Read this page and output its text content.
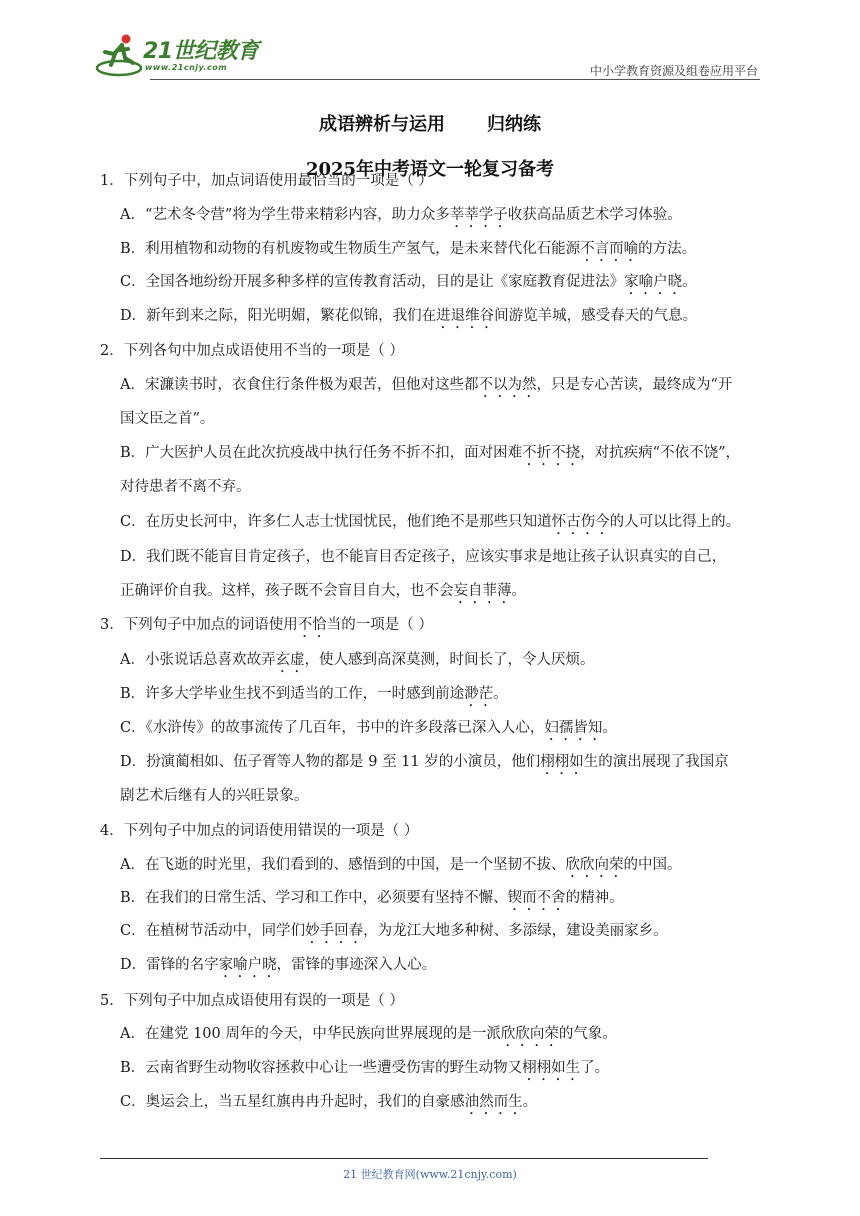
21世纪教育
www.21cnjy.com	中小学教育资源及组卷应用平台
成语辨析与运用 归纳练
2025年中考语文一轮复习备考
1．下列句子中，加点词语使用最恰当的一项是（ ）
A．“艺术冬令营”将为学生带来精彩内容，助力众多莘莘学子收获高品质艺术学习体验。
B．利用植物和动物的有机废物或生物质生产氢气，是未来替代化石能源不言而喻的方法。
C．全国各地纷纷开展多种多样的宣传教育活动，目的是让《家庭教育促进法》家喻户晓。
D．新年到来之际，阳光明媚，繁花似锦，我们在进退维谷间游览羊城，感受春天的气息。
2．下列各句中加点成语使用不当的一项是（ ）
A．宋濂读书时，衣食住行条件极为艰苦，但他对这些都不以为然，只是专心苦读，最终成为“开
国文臣之首”。
B．广大医护人员在此次抗疫战中执行任务不折不扣，面对困难不折不挠，对抗疾病“不依不饶”，
对待患者不离不弃。
C．在历史长河中，许多仁人志士忧国忧民，他们绝不是那些只知道怀古伤今的人可以比得上的。
D．我们既不能盲目肯定孩子，也不能盲目否定孩子，应该实事求是地让孩子认识真实的自己，
正确评价自我。这样，孩子既不会盲目自大，也不会妄自菲薄。
3．下列句子中加点的词语使用不恰当的一项是（ ）
A．小张说话总喜欢故弄玄虚，使人感到高深莫测，时间长了，令人厌烦。
B．许多大学毕业生找不到适当的工作，一时感到前途渺茫。
C．《水浒传》的故事流传了几百年，书中的许多段落已深入人心，妇孺皆知。
D．扮演蔺相如、伍子胥等人物的都是 9 至 11 岁的小演员，他们栩栩如生的演出展现了我国京
剧艺术后继有人的兴旺景象。
4．下列句子中加点的词语使用错误的一项是（ ）
A．在飞逝的时光里，我们看到的、感悟到的中国，是一个坚韧不拔、欣欣向荣的中国。
B．在我们的日常生活、学习和工作中，必须要有坚持不懈、锲而不舍的精神。
C．在植树节活动中，同学们妙手回春，为龙江大地多种树、多添绿，建设美丽家乡。
D．雷锋的名字家喻户晓，雷锋的事迹深入人心。
5．下列句子中加点成语使用有误的一项是（ ）
A．在建党 100 周年的今天，中华民族向世界展现的是一派欣欣向荣的气象。
B．云南省野生动物收容拯救中心让一些遭受伤害的野生动物又栩栩如生了。
C．奥运会上，当五星红旗冉冉升起时，我们的自豪感油然而生。
21 世纪教育网(www.21cnjy.com)
